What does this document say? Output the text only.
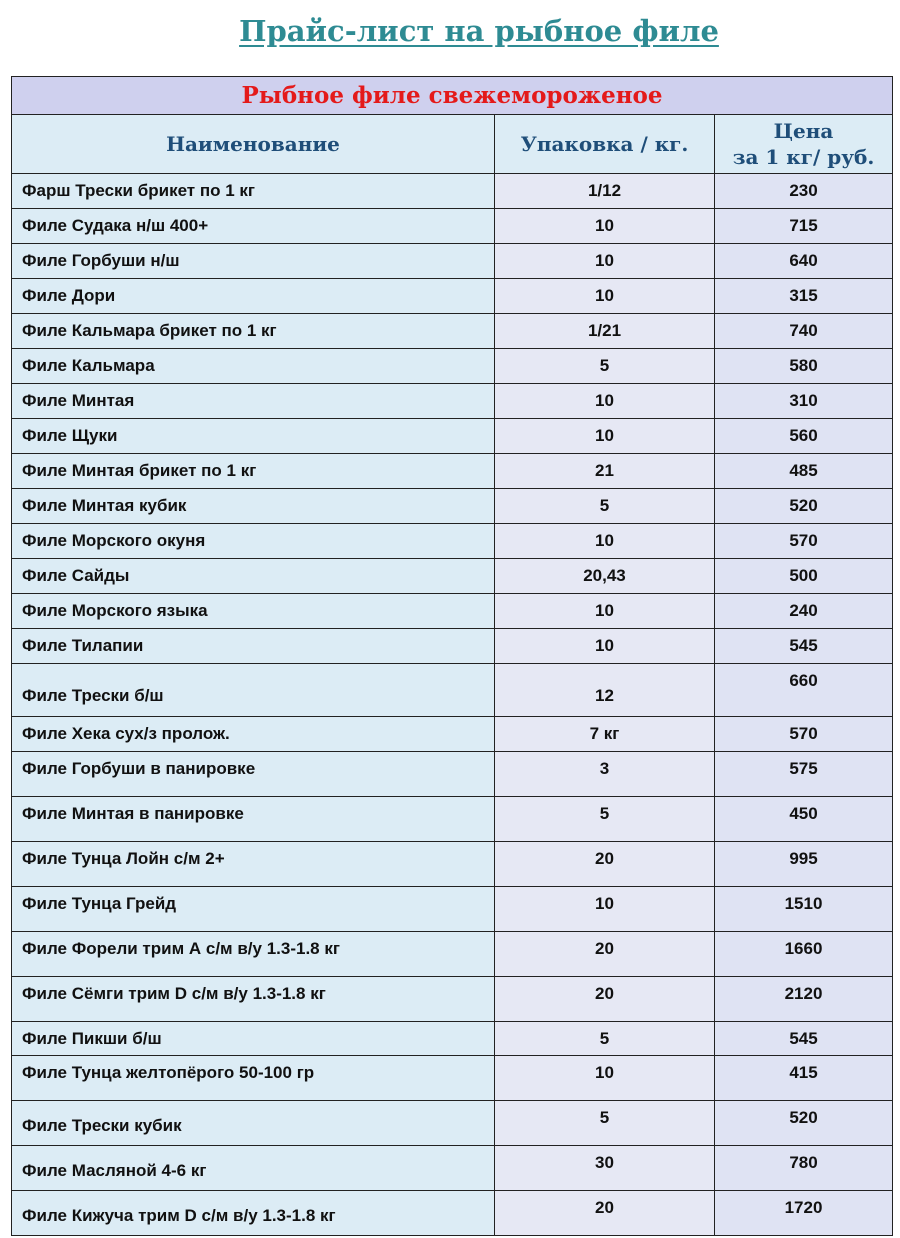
Прайс-лист на рыбное филе
Рыбное филе свежемороженое		
Наименование	Упаковка / кг.	Цена
за 1 кг/ руб.

Фарш Трески брикет по 1 кг	1/12	230
Филе Судака н/ш 400+	10	715
Филе Горбуши н/ш	10	640
Филе Дори	10	315
Филе Кальмара брикет по 1 кг	1/21	740
Филе Кальмара	5	580
Филе Минтая	10	310
Филе Щуки	10	560
Филе Минтая брикет по 1 кг	21	485
Филе Минтая кубик	5	520
Филе Морского окуня	10	570
Филе Сайды	20,43	500
Филе Морского языка	10	240
Филе Тилапии	10	545
Филе Трески б/ш	12	660
Филе Хека сух/з пролож.	7 кг	570
Филе Горбуши в панировке	3	575
Филе Минтая в панировке	5	450
Филе Тунца Лойн с/м 2+	20	995
Филе Тунца Грейд	10	1510
Филе Форели трим А с/м в/у 1.3-1.8 кг	20	1660
Филе Сёмги трим D с/м в/у 1.3-1.8 кг	20	2120
Филе Пикши б/ш	5	545
Филе Тунца желтопёрого 50-100 гр	10	415
Филе Трески кубик	5	520
Филе Масляной 4-6 кг	30	780
Филе Кижуча трим D с/м в/у 1.3-1.8 кг	20	1720
